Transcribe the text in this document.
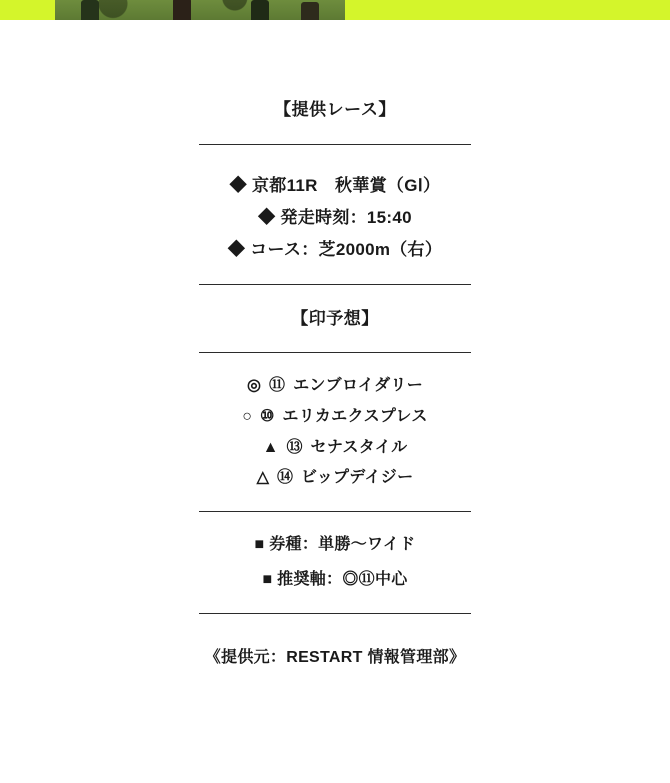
【提供レース】

◆ 京都11R　秋華賞（GⅠ）

◆ 発走時刻：15:40

◆ コース：芝2000m（右）

【印予想】

◎ ⑪ エンブロイダリー

○ ⑩ エリカエクスプレス

▲ ⑬ セナスタイル

△ ⑭ ビップデイジー

■ 券種：単勝〜ワイド

■ 推奨軸：◎⑪中心

《提供元：RESTART 情報管理部》
